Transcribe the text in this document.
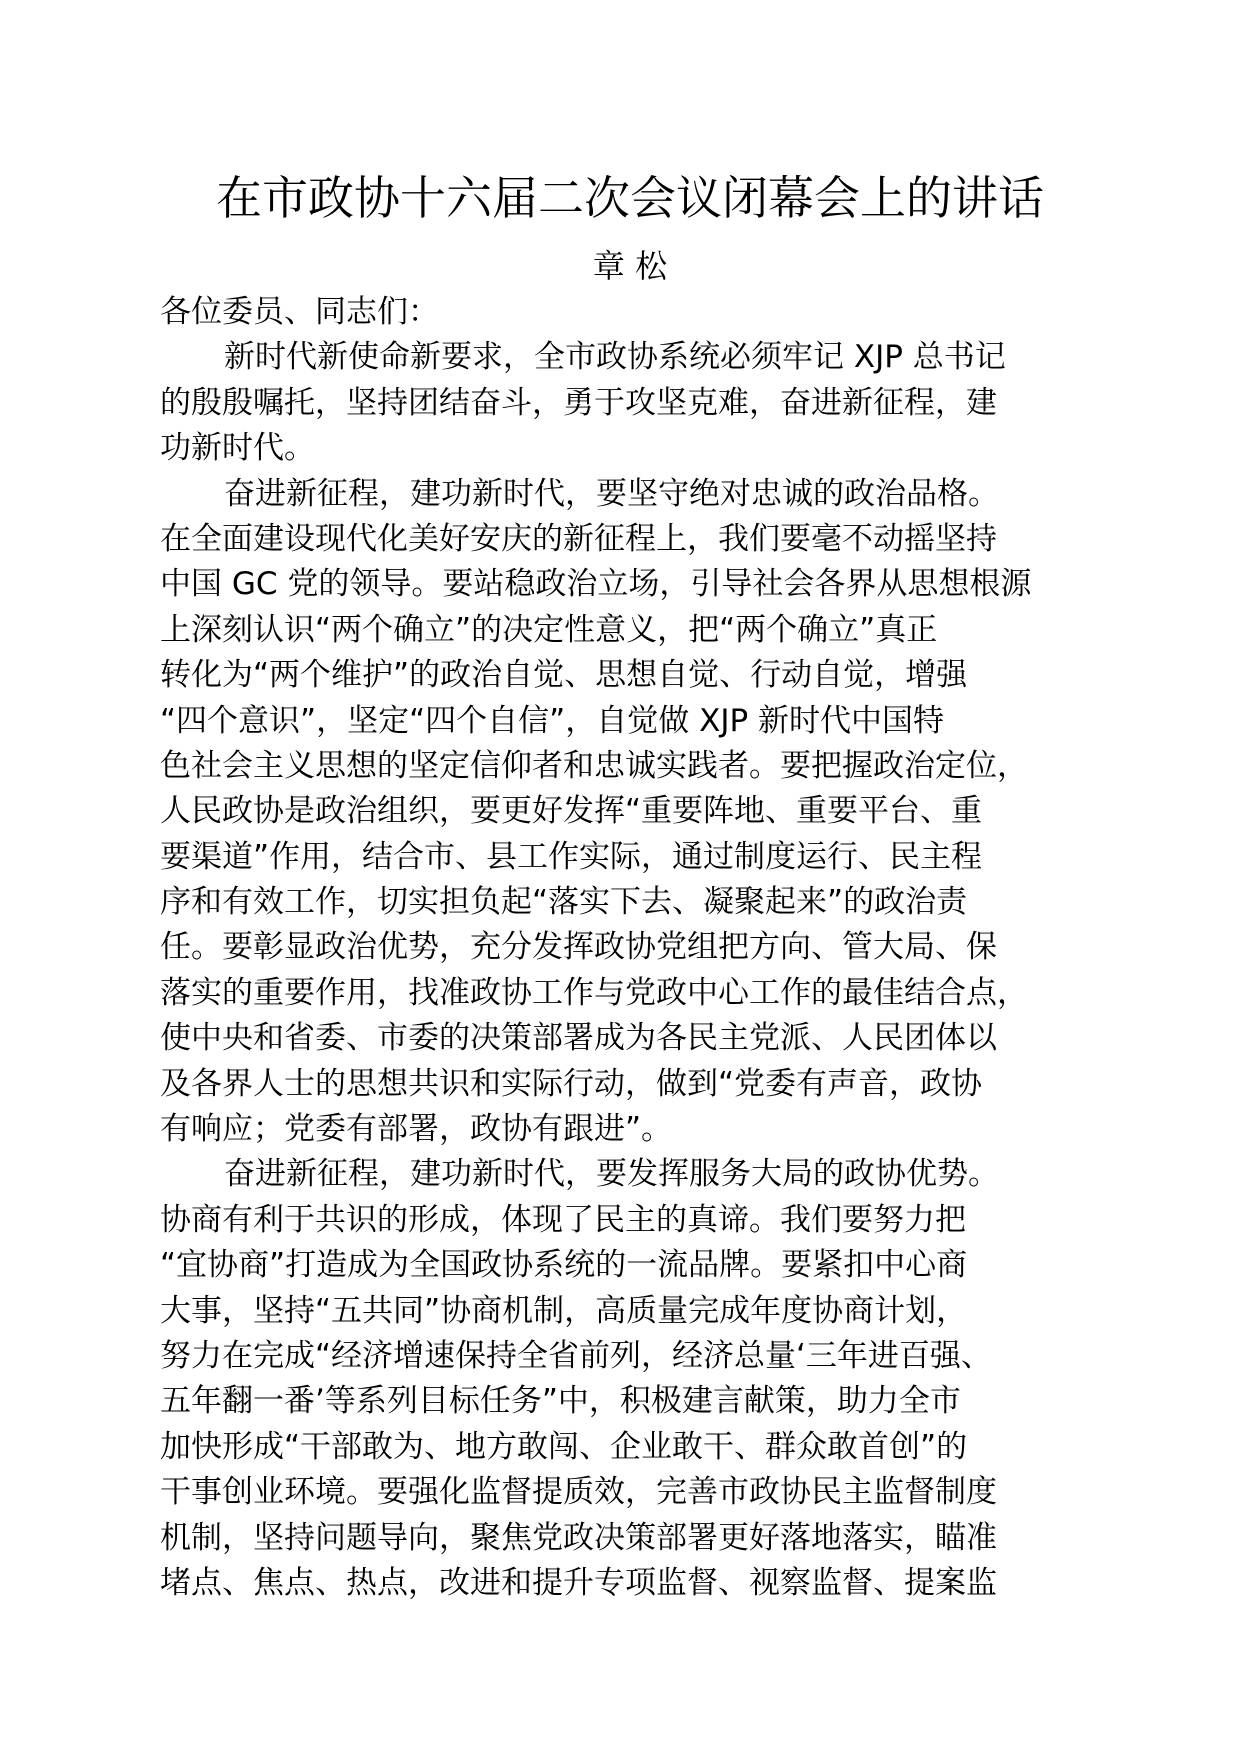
在市政协十六届二次会议闭幕会上的讲话
章 松
各位委员、同志们：
新时代新使命新要求，全市政协系统必须牢记 XJP 总书记
的殷殷嘱托，坚持团结奋斗，勇于攻坚克难，奋进新征程，建
功新时代。
奋进新征程，建功新时代，要坚守绝对忠诚的政治品格。
在全面建设现代化美好安庆的新征程上，我们要毫不动摇坚持
中国 GC 党的领导。要站稳政治立场，引导社会各界从思想根源
上深刻认识“两个确立”的决定性意义，把“两个确立”真正
转化为“两个维护”的政治自觉、思想自觉、行动自觉，增强
“四个意识”，坚定“四个自信”，自觉做 XJP 新时代中国特
色社会主义思想的坚定信仰者和忠诚实践者。要把握政治定位，
人民政协是政治组织，要更好发挥“重要阵地、重要平台、重
要渠道”作用，结合市、县工作实际，通过制度运行、民主程
序和有效工作，切实担负起“落实下去、凝聚起来”的政治责
任。要彰显政治优势，充分发挥政协党组把方向、管大局、保
落实的重要作用，找准政协工作与党政中心工作的最佳结合点，
使中央和省委、市委的决策部署成为各民主党派、人民团体以
及各界人士的思想共识和实际行动，做到“党委有声音，政协
有响应；党委有部署，政协有跟进”。
奋进新征程，建功新时代，要发挥服务大局的政协优势。
协商有利于共识的形成，体现了民主的真谛。我们要努力把
“宜协商”打造成为全国政协系统的一流品牌。要紧扣中心商
大事，坚持“五共同”协商机制，高质量完成年度协商计划，
努力在完成“经济增速保持全省前列，经济总量‘三年进百强、
五年翻一番’等系列目标任务”中，积极建言献策，助力全市
加快形成“干部敢为、地方敢闯、企业敢干、群众敢首创”的
干事创业环境。要强化监督提质效，完善市政协民主监督制度
机制，坚持问题导向，聚焦党政决策部署更好落地落实，瞄准
堵点、焦点、热点，改进和提升专项监督、视察监督、提案监
